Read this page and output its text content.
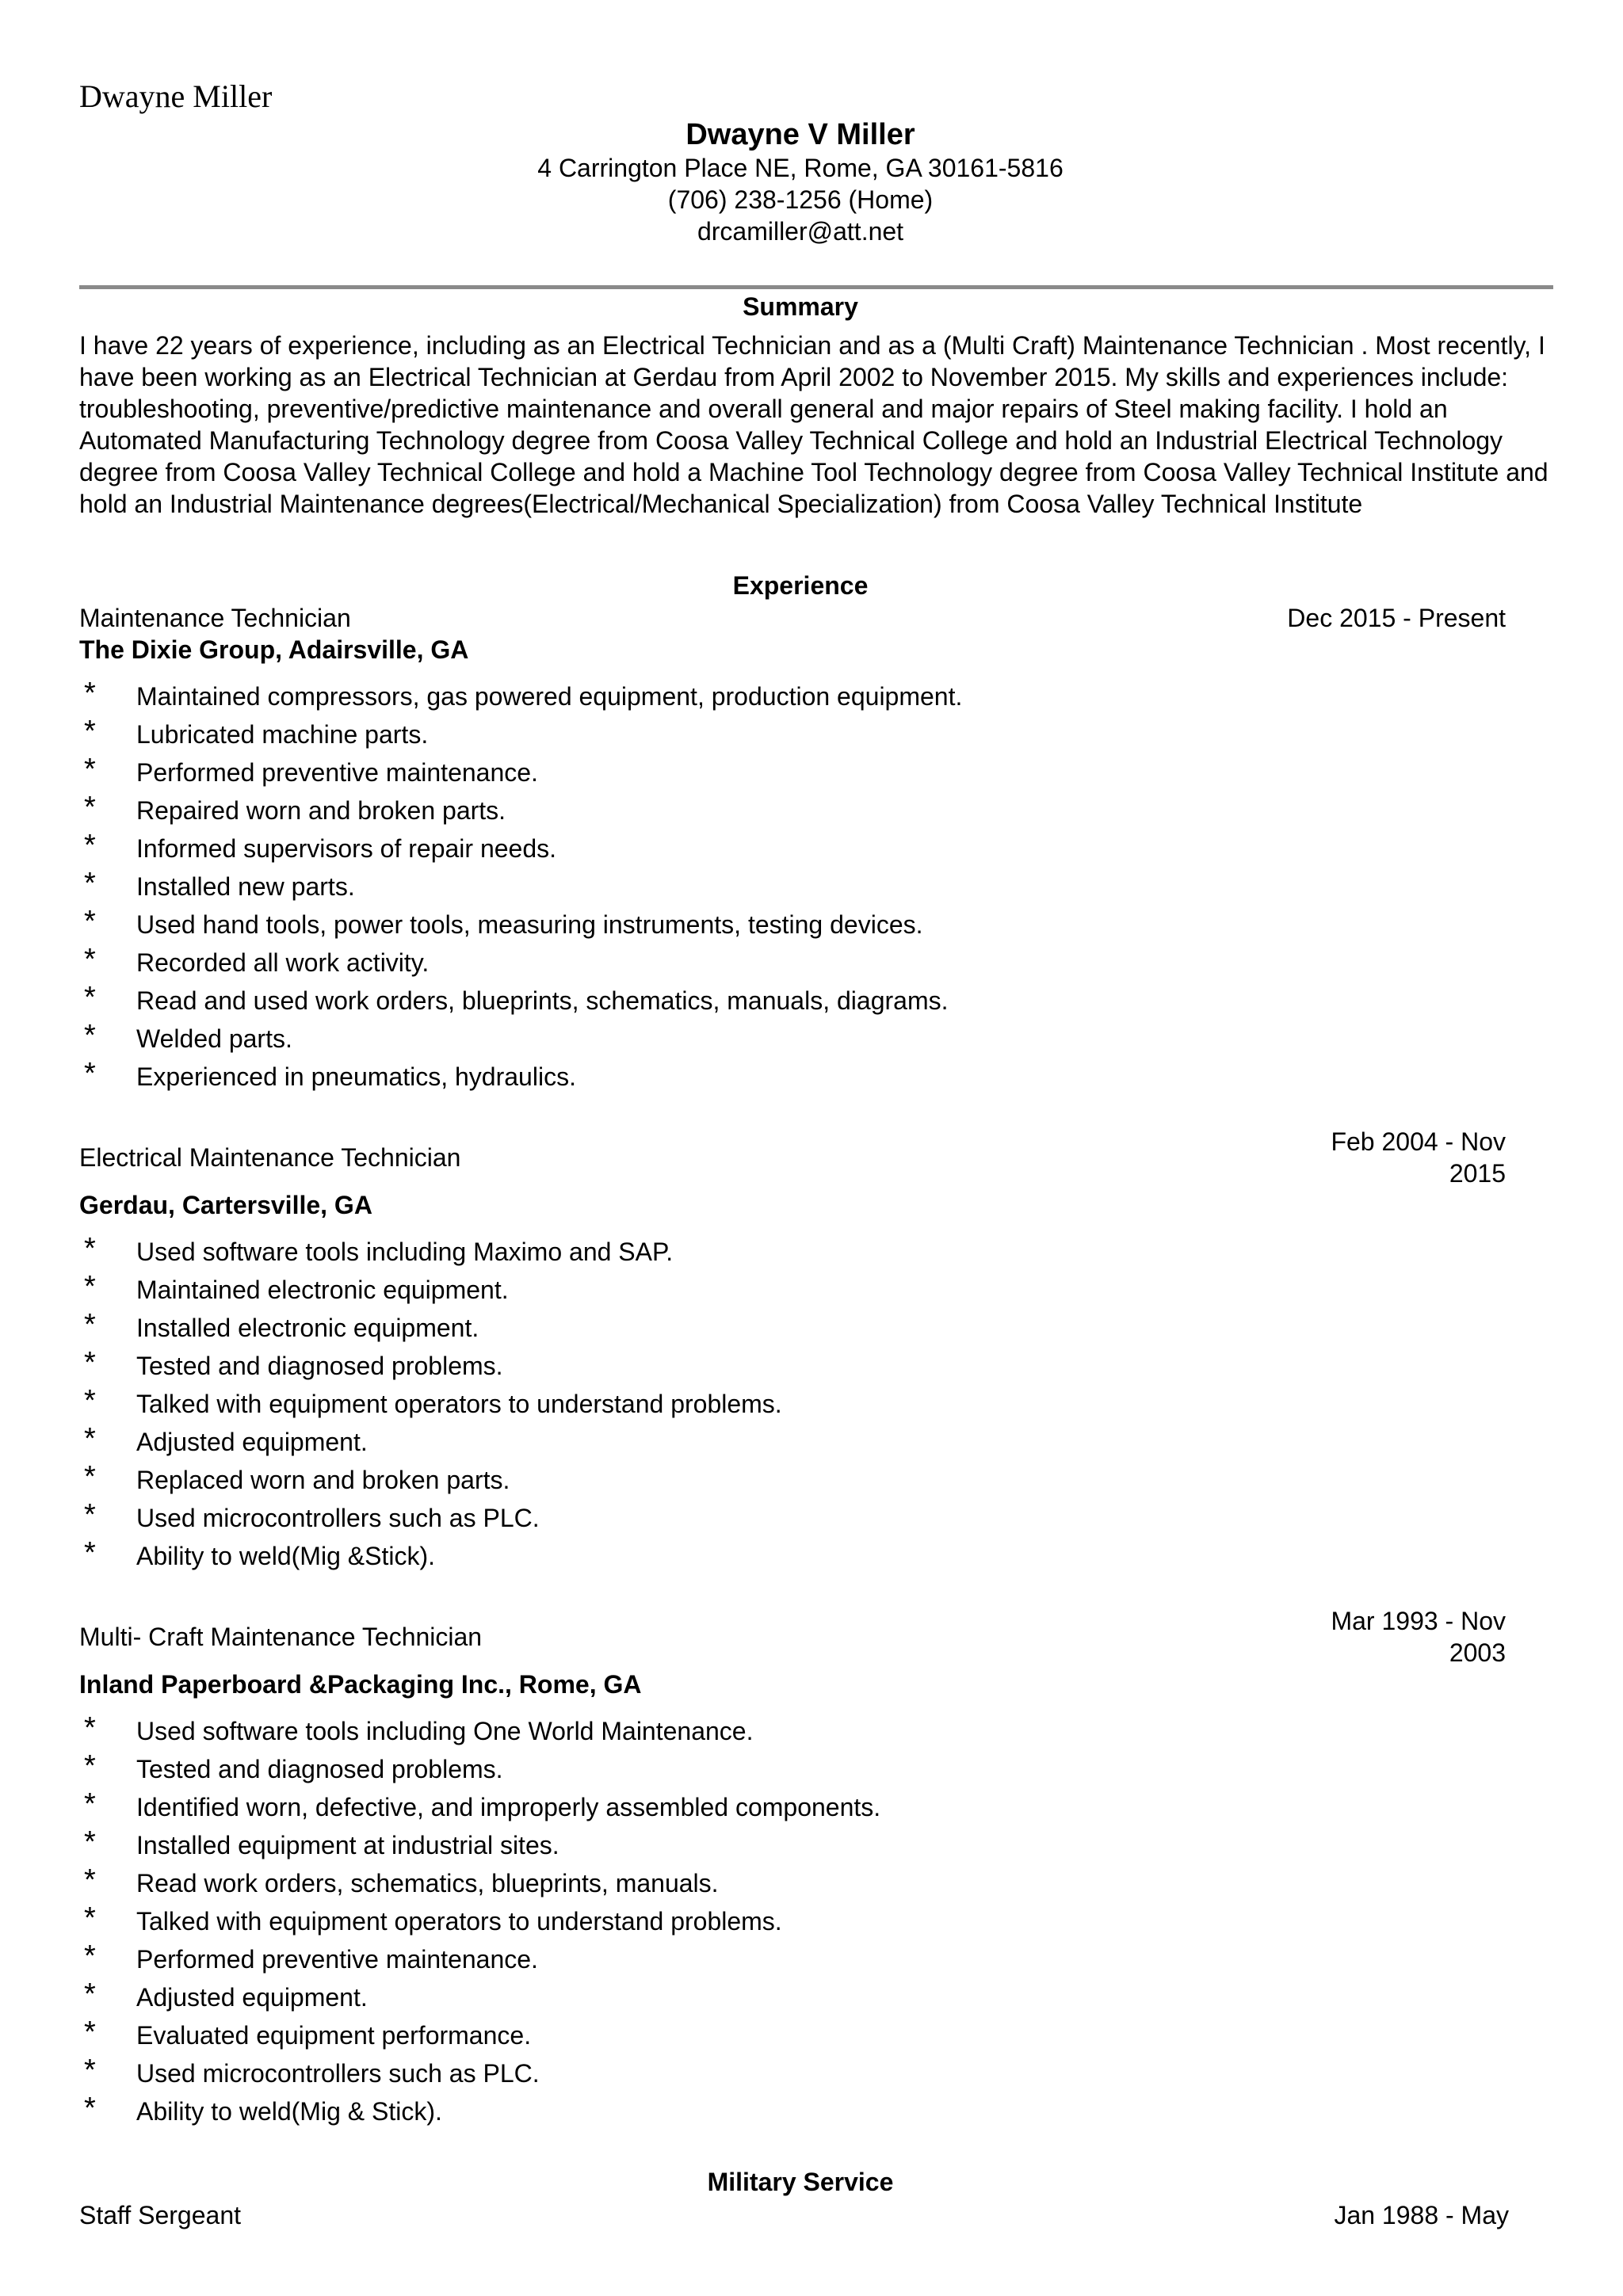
Dwayne Miller
Dwayne V Miller
4 Carrington Place NE, Rome, GA 30161-5816
(706) 238-1256 (Home)
drcamiller@att.net
Summary

I have 22 years of experience, including as an Electrical Technician and as a (Multi Craft) Maintenance Technician . Most recently, I have been working as an Electrical Technician at Gerdau from April 2002 to November 2015. My skills and experiences include: troubleshooting, preventive/predictive maintenance and overall general and major repairs of Steel making facility. I hold an Automated Manufacturing Technology degree from Coosa Valley Technical College and hold an Industrial Electrical Technology degree from Coosa Valley Technical College and hold a Machine Tool Technology degree from Coosa Valley Technical Institute and hold an Industrial Maintenance degrees(Electrical/Mechanical Specialization) from Coosa Valley Technical Institute

Experience
Maintenance Technician	Dec 2015 - Present
The Dixie Group, Adairsville, GA
* Maintained compressors, gas powered equipment, production equipment.
* Lubricated machine parts.
* Performed preventive maintenance.
* Repaired worn and broken parts.
* Informed supervisors of repair needs.
* Installed new parts.
* Used hand tools, power tools, measuring instruments, testing devices.
* Recorded all work activity.
* Read and used work orders, blueprints, schematics, manuals, diagrams.
* Welded parts.
* Experienced in pneumatics, hydraulics.
Electrical Maintenance Technician
Feb 2004 - Nov 2015
Gerdau, Cartersville, GA
* Used software tools including Maximo and SAP.
* Maintained electronic equipment.
* Installed electronic equipment.
* Tested and diagnosed problems.
* Talked with equipment operators to understand problems.
* Adjusted equipment.
* Replaced worn and broken parts.
* Used microcontrollers such as PLC.
* Ability to weld(Mig &Stick).
Multi- Craft Maintenance Technician
Mar 1993 - Nov 2003
Inland Paperboard &Packaging Inc., Rome, GA
* Used software tools including One World Maintenance.
* Tested and diagnosed problems.
* Identified worn, defective, and improperly assembled components.
* Installed equipment at industrial sites.
* Read work orders, schematics, blueprints, manuals.
* Talked with equipment operators to understand problems.
* Performed preventive maintenance.
* Adjusted equipment.
* Evaluated equipment performance.
* Used microcontrollers such as PLC.
* Ability to weld(Mig & Stick).
Military Service
Staff Sergeant	Jan 1988 - May
